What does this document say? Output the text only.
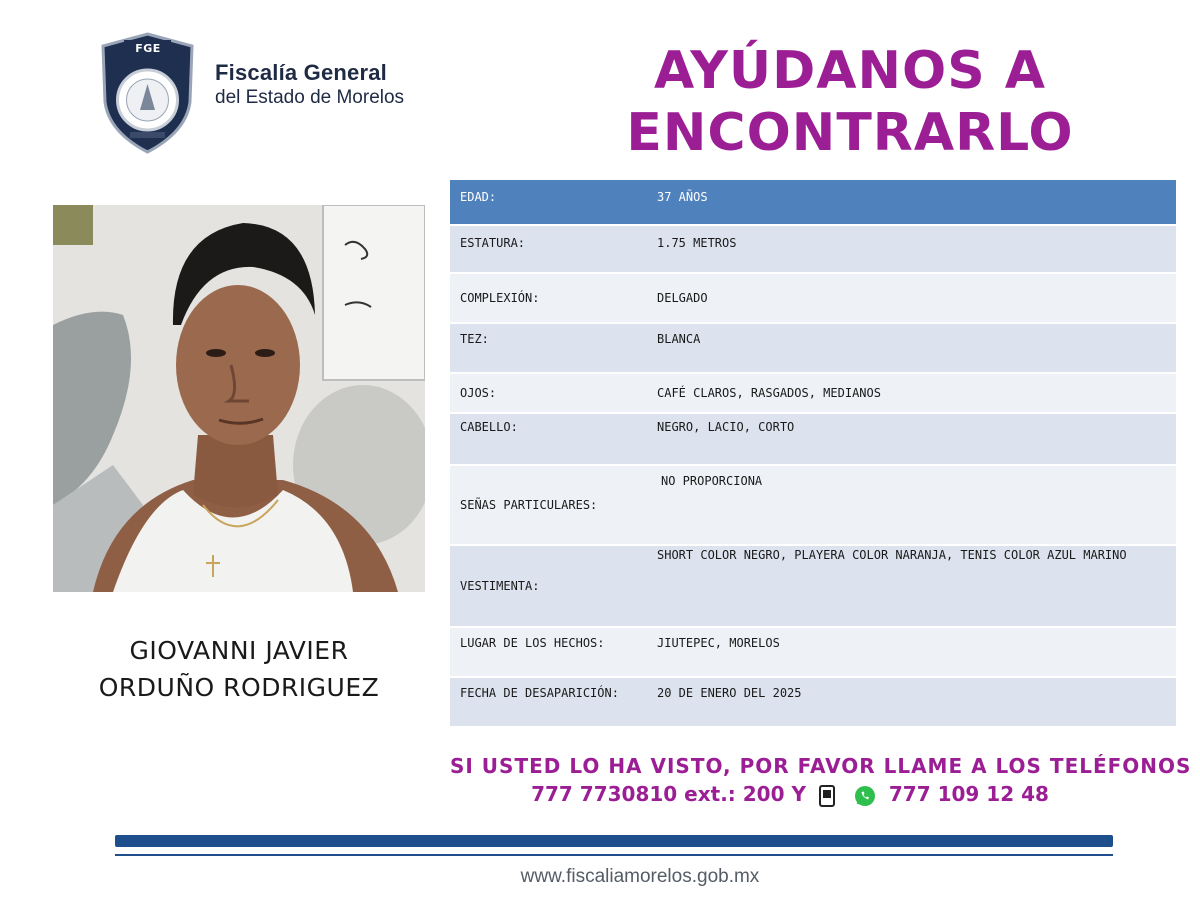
FGE
Fiscalía General
del Estado de Morelos	AYÚDANOS A
ENCONTRARLO
GIOVANNI JAVIER
ORDUÑO RODRIGUEZ
EDAD:	37 AÑOS
ESTATURA:	1.75 METROS
COMPLEXIÓN:	DELGADO
TEZ:	BLANCA
OJOS:	CAFÉ CLAROS, RASGADOS, MEDIANOS
CABELLO:	NEGRO, LACIO, CORTO
SEÑAS PARTICULARES:	NO PROPORCIONA
VESTIMENTA:	SHORT COLOR NEGRO, PLAYERA COLOR NARANJA, TENIS COLOR AZUL MARINO
LUGAR DE LOS HECHOS:	JIUTEPEC, MORELOS
FECHA DE DESAPARICIÓN:	20 DE ENERO DEL 2025
SI USTED LO HA VISTO, POR FAVOR LLAME A LOS TELÉFONOS
777 7730810 ext.: 200 Y	777 109 12 48
www.fiscaliamorelos.gob.mx
